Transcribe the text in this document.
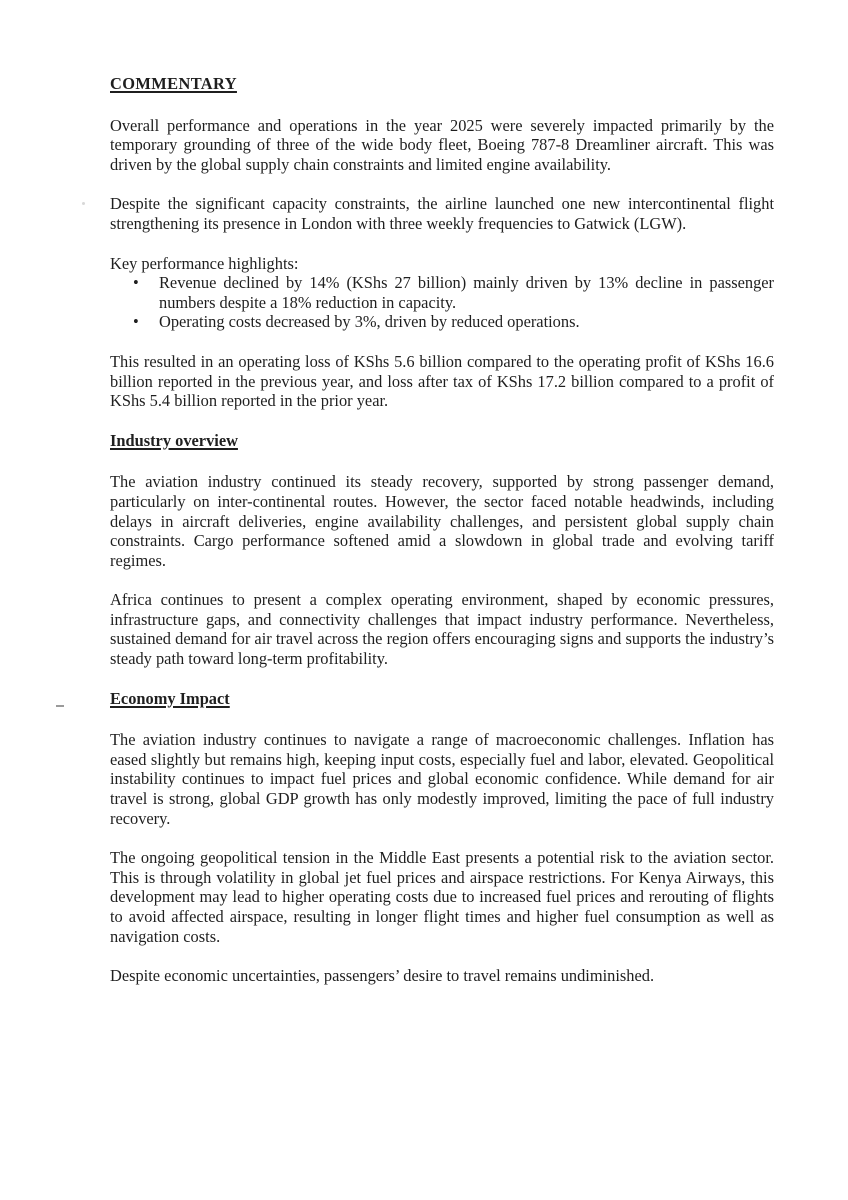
COMMENTARY

Overall performance and operations in the year 2025 were severely impacted primarily by the temporary grounding of three of the wide body fleet, Boeing 787-8 Dreamliner aircraft. This was driven by the global supply chain constraints and limited engine availability.

Despite the significant capacity constraints, the airline launched one new intercontinental flight strengthening its presence in London with three weekly frequencies to Gatwick (LGW).

Key performance highlights:

• Revenue declined by 14% (KShs 27 billion) mainly driven by 13% decline in passenger numbers despite a 18% reduction in capacity.
• Operating costs decreased by 3%, driven by reduced operations.

This resulted in an operating loss of KShs 5.6 billion compared to the operating profit of KShs 16.6 billion reported in the previous year, and loss after tax of KShs 17.2 billion compared to a profit of KShs 5.4 billion reported in the prior year.

Industry overview

The aviation industry continued its steady recovery, supported by strong passenger demand, particularly on inter-continental routes. However, the sector faced notable headwinds, including delays in aircraft deliveries, engine availability challenges, and persistent global supply chain constraints. Cargo performance softened amid a slowdown in global trade and evolving tariff regimes.

Africa continues to present a complex operating environment, shaped by economic pressures, infrastructure gaps, and connectivity challenges that impact industry performance. Nevertheless, sustained demand for air travel across the region offers encouraging signs and supports the industry’s steady path toward long-term profitability.

Economy Impact

The aviation industry continues to navigate a range of macroeconomic challenges. Inflation has eased slightly but remains high, keeping input costs, especially fuel and labor, elevated. Geopolitical instability continues to impact fuel prices and global economic confidence. While demand for air travel is strong, global GDP growth has only modestly improved, limiting the pace of full industry recovery.

The ongoing geopolitical tension in the Middle East presents a potential risk to the aviation sector. This is through volatility in global jet fuel prices and airspace restrictions. For Kenya Airways, this development may lead to higher operating costs due to increased fuel prices and rerouting of flights to avoid affected airspace, resulting in longer flight times and higher fuel consumption as well as navigation costs.

Despite economic uncertainties, passengers’ desire to travel remains undiminished.
